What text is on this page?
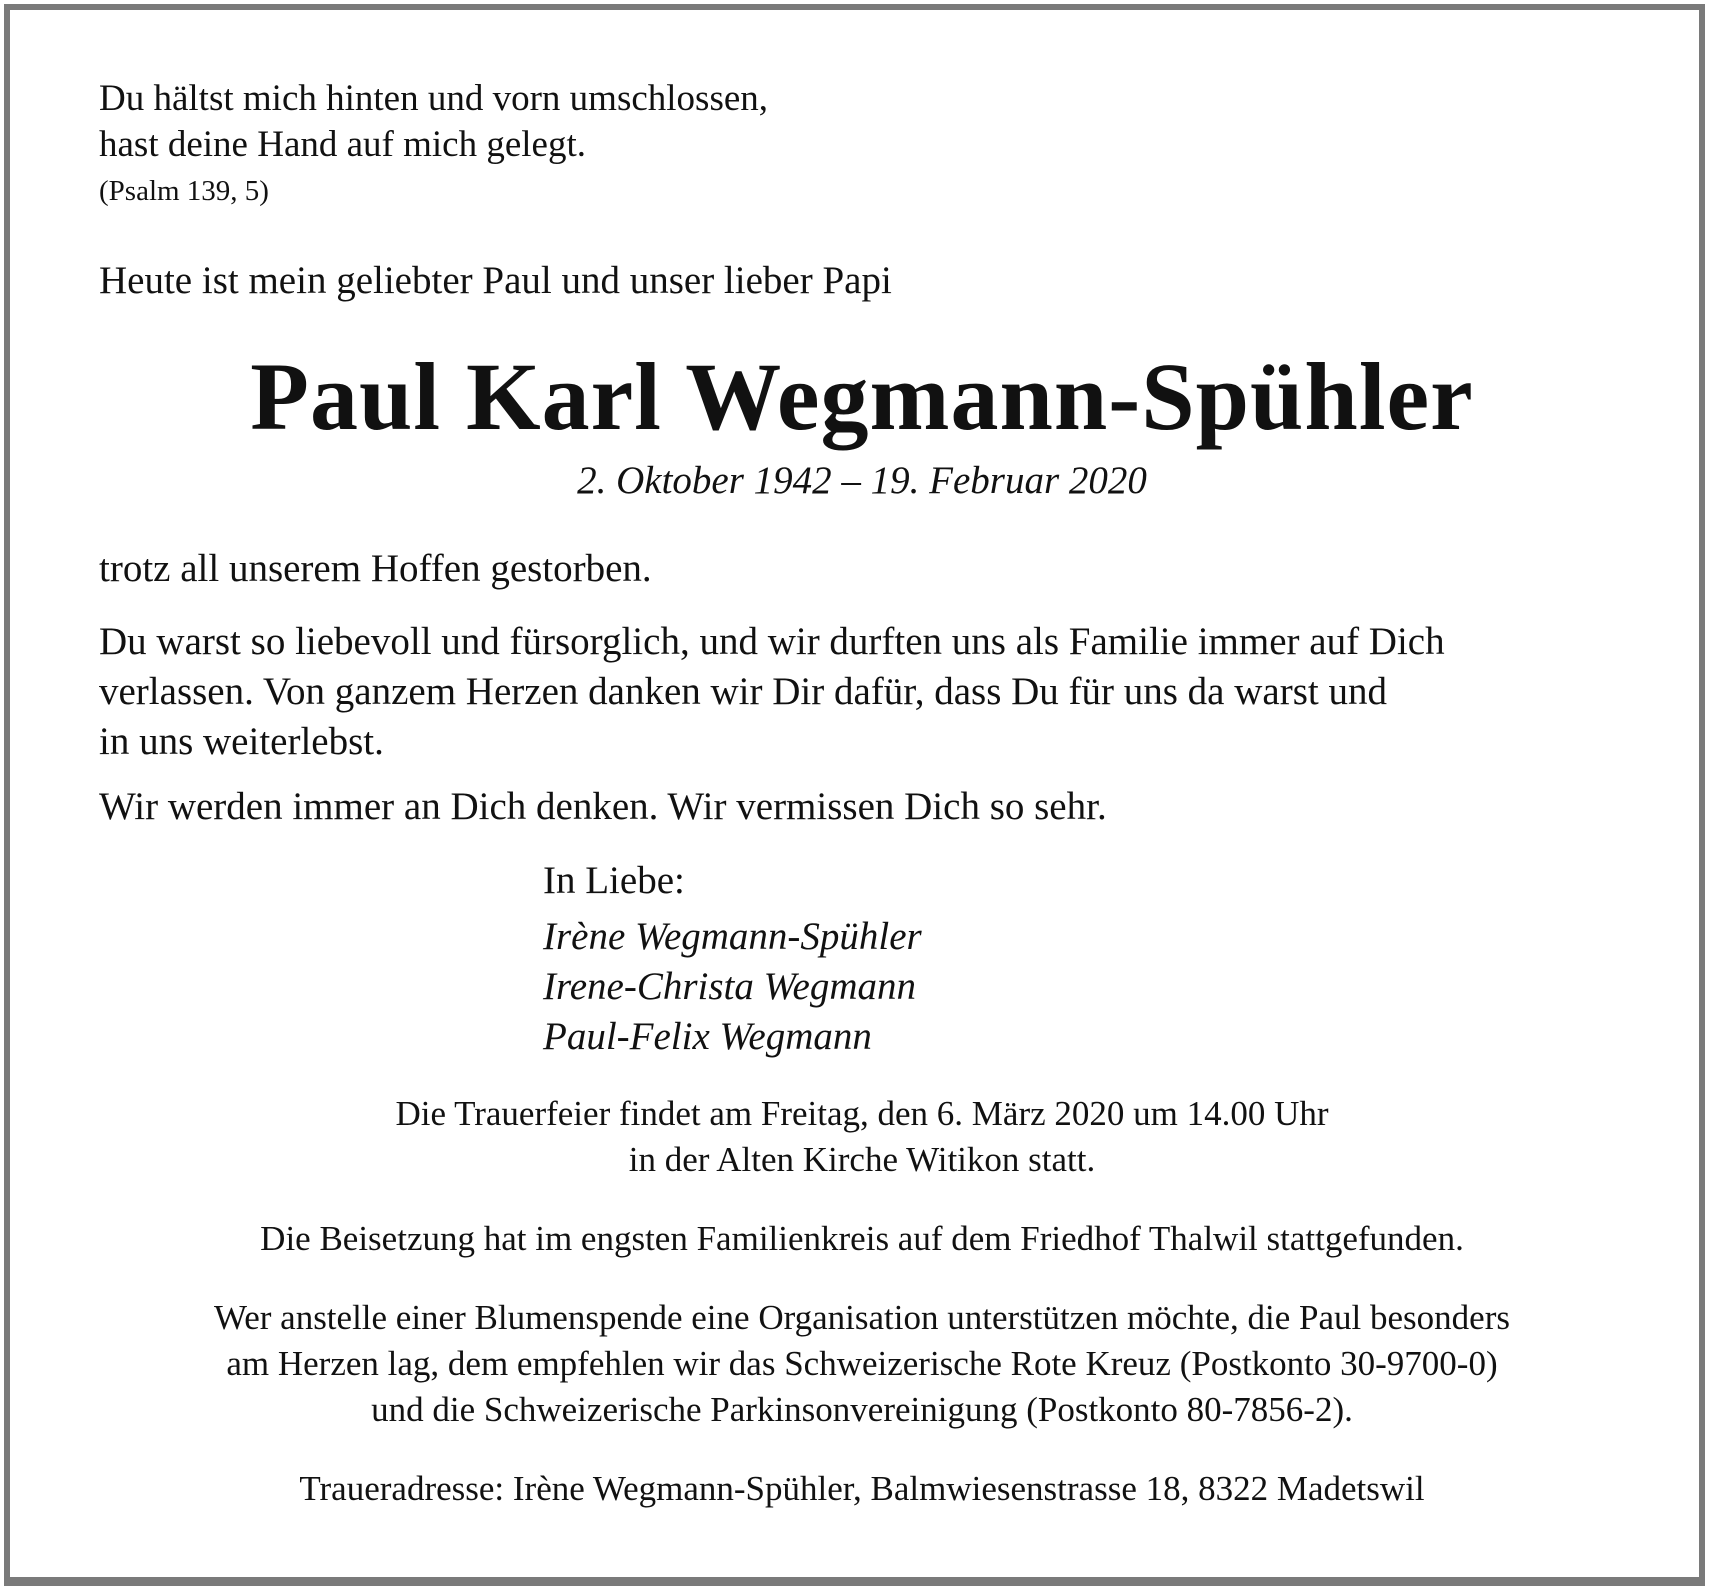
Du hältst mich hinten und vorn umschlossen,
hast deine Hand auf mich gelegt.
(Psalm 139, 5)

Heute ist mein geliebter Paul und unser lieber Papi

Paul Karl Wegmann-Spühler

2. Oktober 1942 – 19. Februar 2020

trotz all unserem Hoffen gestorben.

Du warst so liebevoll und fürsorglich, und wir durften uns als Familie immer auf Dich
verlassen. Von ganzem Herzen danken wir Dir dafür, dass Du für uns da warst und
in uns weiterlebst.

Wir werden immer an Dich denken. Wir vermissen Dich so sehr.

In Liebe:

Irène Wegmann-Spühler
Irene-Christa Wegmann
Paul-Felix Wegmann
Die Trauerfeier findet am Freitag, den 6. März 2020 um 14.00 Uhr
in der Alten Kirche Witikon statt.

Die Beisetzung hat im engsten Familienkreis auf dem Friedhof Thalwil stattgefunden.

Wer anstelle einer Blumenspende eine Organisation unterstützen möchte, die Paul besonders
am Herzen lag, dem empfehlen wir das Schweizerische Rote Kreuz (Postkonto 30-9700-0)
und die Schweizerische Parkinsonvereinigung (Postkonto 80-7856-2).

Traueradresse: Irène Wegmann-Spühler, Balmwiesenstrasse 18, 8322 Madetswil
